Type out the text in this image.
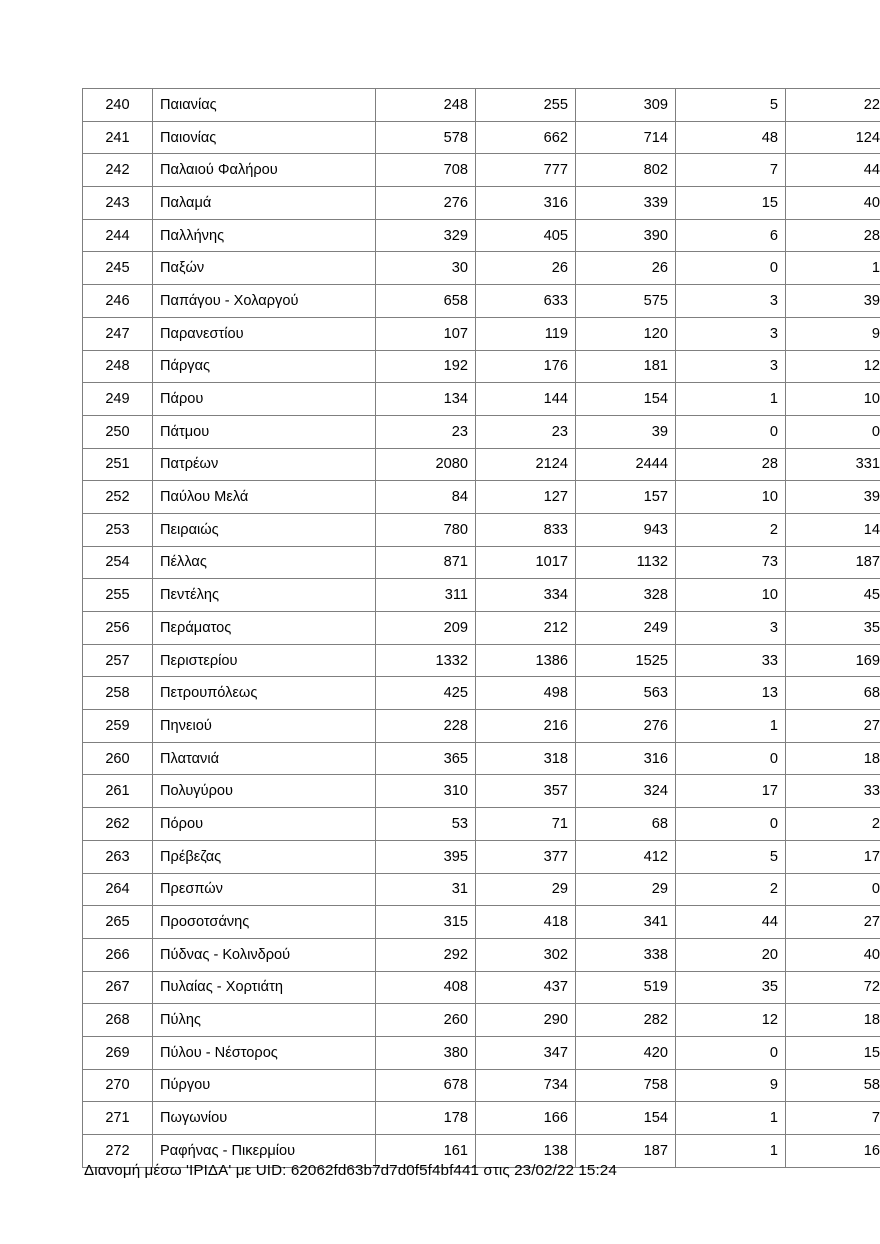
240	Παιανίας	248	255	309	5	22
241	Παιονίας	578	662	714	48	124
242	Παλαιού Φαλήρου	708	777	802	7	44
243	Παλαμά	276	316	339	15	40
244	Παλλήνης	329	405	390	6	28
245	Παξών	30	26	26	0	1
246	Παπάγου - Χολαργού	658	633	575	3	39
247	Παρανεστίου	107	119	120	3	9
248	Πάργας	192	176	181	3	12
249	Πάρου	134	144	154	1	10
250	Πάτμου	23	23	39	0	0
251	Πατρέων	2080	2124	2444	28	331
252	Παύλου Μελά	84	127	157	10	39
253	Πειραιώς	780	833	943	2	14
254	Πέλλας	871	1017	1132	73	187
255	Πεντέλης	311	334	328	10	45
256	Περάματος	209	212	249	3	35
257	Περιστερίου	1332	1386	1525	33	169
258	Πετρουπόλεως	425	498	563	13	68
259	Πηνειού	228	216	276	1	27
260	Πλατανιά	365	318	316	0	18
261	Πολυγύρου	310	357	324	17	33
262	Πόρου	53	71	68	0	2
263	Πρέβεζας	395	377	412	5	17
264	Πρεσπών	31	29	29	2	0
265	Προσοτσάνης	315	418	341	44	27
266	Πύδνας - Κολινδρού	292	302	338	20	40
267	Πυλαίας - Χορτιάτη	408	437	519	35	72
268	Πύλης	260	290	282	12	18
269	Πύλου - Νέστορος	380	347	420	0	15
270	Πύργου	678	734	758	9	58
271	Πωγωνίου	178	166	154	1	7
272	Ραφήνας - Πικερμίου	161	138	187	1	16
Διανομή μέσω 'ΙΡΙΔΑ' με UID: 62062fd63b7d7d0f5f4bf441 στις 23/02/22 15:24
